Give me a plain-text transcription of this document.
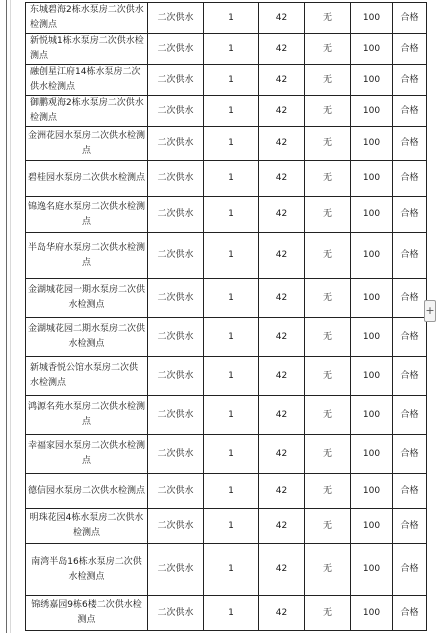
东城碧海2栋水泵房二次供水检测点	二次供水	1	42	无	100	合格
新悦城1栋水泵房二次供水检测点	二次供水	1	42	无	100	合格
融创星江府14栋水泵房二次供水检测点	二次供水	1	42	无	100	合格
御鹏观海2栋水泵房二次供水检测点	二次供水	1	42	无	100	合格
金洲花园水泵房二次供水检测点	二次供水	1	42	无	100	合格
碧桂园水泵房二次供水检测点	二次供水	1	42	无	100	合格
锦逸名庭水泵房二次供水检测点	二次供水	1	42	无	100	合格
半岛华府水泵房二次供水检测点	二次供水	1	42	无	100	合格
金湖城花园一期水泵房二次供水检测点	二次供水	1	42	无	100	合格
金湖城花园二期水泵房二次供水检测点	二次供水	1	42	无	100	合格
新城香悦公馆水泵房二次供水检测点	二次供水	1	42	无	100	合格
鸿源名苑水泵房二次供水检测点	二次供水	1	42	无	100	合格
幸福家园水泵房二次供水检测点	二次供水	1	42	无	100	合格
德信园水泵房二次供水检测点	二次供水	1	42	无	100	合格
明珠花园4栋水泵房二次供水检测点	二次供水	1	42	无	100	合格
南湾半岛16栋水泵房二次供水检测点	二次供水	1	42	无	100	合格
锦绣嘉园9栋6楼二次供水检测点	二次供水	1	42	无	100	合格
+
